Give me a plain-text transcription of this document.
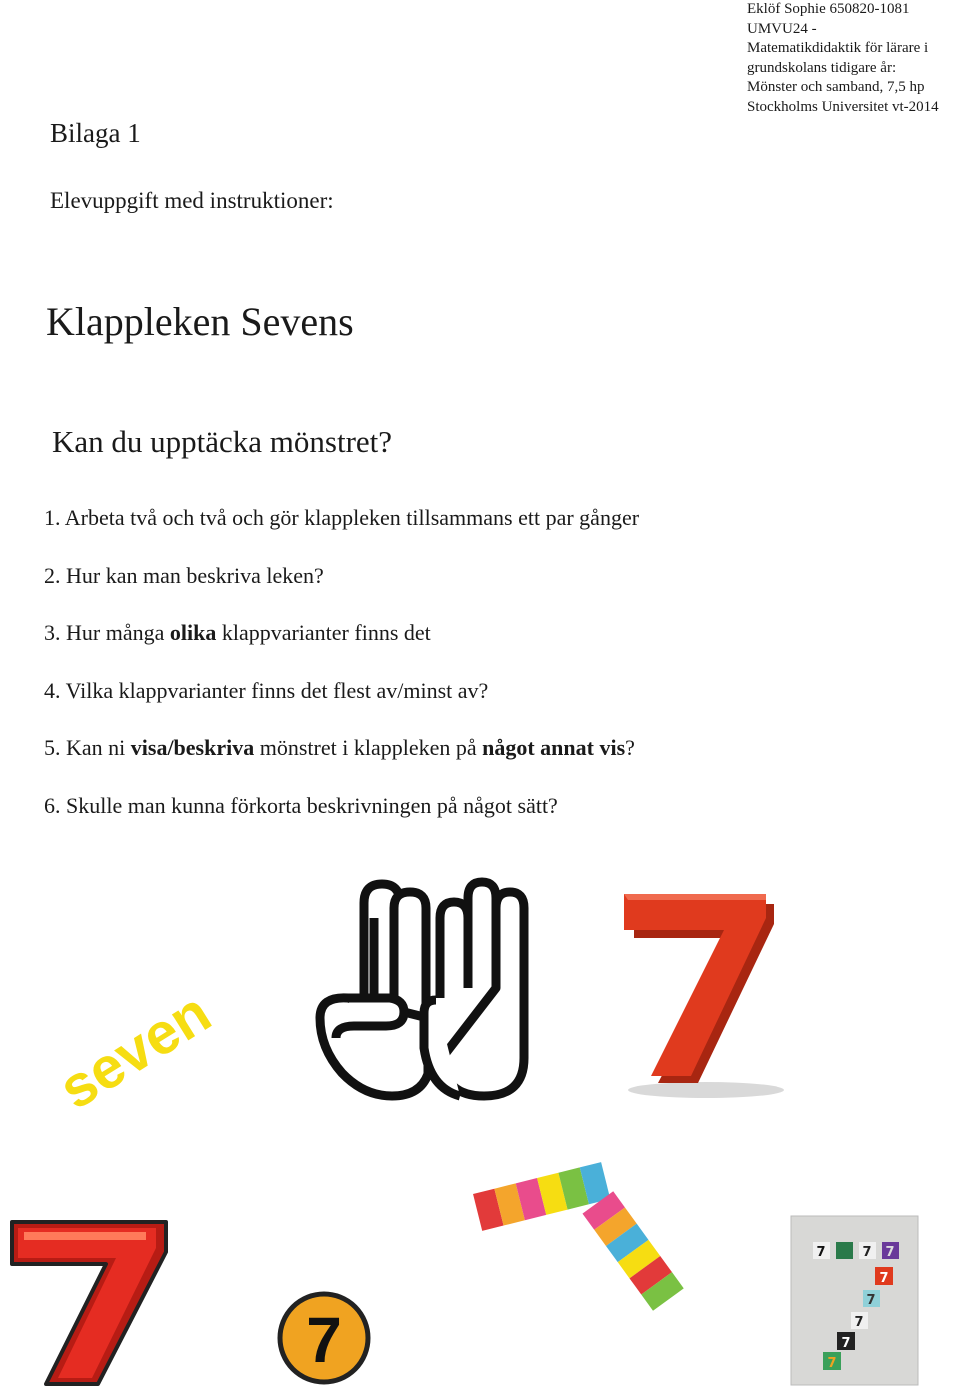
Eklöf Sophie 650820-1081
UMVU24 -
Matematikdidaktik för lärare i
grundskolans tidigare år:
Mönster och samband, 7,5 hp
Stockholms Universitet vt-2014
Bilaga 1
Elevuppgift med instruktioner:
Klappleken Sevens
Kan du upptäcka mönstret?
1. Arbeta två och två och gör klappleken tillsammans ett par gånger
2. Hur kan man beskriva leken?
3. Hur många olika klappvarianter finns det
4. Vilka klappvarianter finns det flest av/minst av?
5. Kan ni visa/beskriva mönstret i klappleken på något annat vis?
6. Skulle man kunna förkorta beskrivningen på något sätt?
seven
7
7	7 7
7
7
7
7
7
